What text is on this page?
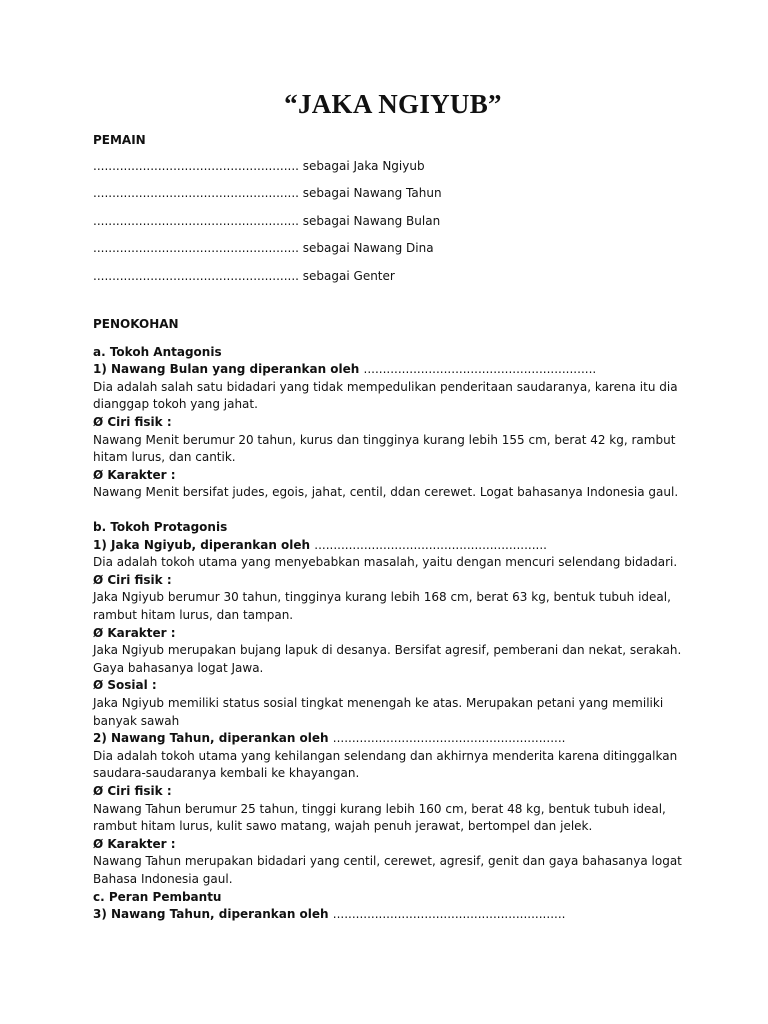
“JAKA NGIYUB”

PEMAIN

...................................................... sebagai Jaka Ngiyub

...................................................... sebagai Nawang Tahun

...................................................... sebagai Nawang Bulan

...................................................... sebagai Nawang Dina

...................................................... sebagai Genter

PENOKOHAN

a. Tokoh Antagonis

1) Nawang Bulan yang diperankan oleh .............................................................

Dia adalah salah satu bidadari yang tidak mempedulikan penderitaan saudaranya, karena itu dia

dianggap tokoh yang jahat.

Ø Ciri fisik :

Nawang Menit berumur 20 tahun, kurus dan tingginya kurang lebih 155 cm, berat 42 kg, rambut

hitam lurus, dan cantik.

Ø Karakter :

Nawang Menit bersifat judes, egois, jahat, centil, ddan cerewet. Logat bahasanya Indonesia gaul.

b. Tokoh Protagonis

1) Jaka Ngiyub, diperankan oleh .............................................................

Dia adalah tokoh utama yang menyebabkan masalah, yaitu dengan mencuri selendang bidadari.

Ø Ciri fisik :

Jaka Ngiyub berumur 30 tahun, tingginya kurang lebih 168 cm, berat 63 kg, bentuk tubuh ideal,

rambut hitam lurus, dan tampan.

Ø Karakter :

Jaka Ngiyub merupakan bujang lapuk di desanya. Bersifat agresif, pemberani dan nekat, serakah.

Gaya bahasanya logat Jawa.

Ø Sosial :

Jaka Ngiyub memiliki status sosial tingkat menengah ke atas. Merupakan petani yang memiliki

banyak sawah

2) Nawang Tahun, diperankan oleh .............................................................

Dia adalah tokoh utama yang kehilangan selendang dan akhirnya menderita karena ditinggalkan

saudara-saudaranya kembali ke khayangan.

Ø Ciri fisik :

Nawang Tahun berumur 25 tahun, tinggi kurang lebih 160 cm, berat 48 kg, bentuk tubuh ideal,

rambut hitam lurus, kulit sawo matang, wajah penuh jerawat, bertompel dan jelek.

Ø Karakter :

Nawang Tahun merupakan bidadari yang centil, cerewet, agresif, genit dan gaya bahasanya logat

Bahasa Indonesia gaul.

c. Peran Pembantu

3) Nawang Tahun, diperankan oleh .............................................................
